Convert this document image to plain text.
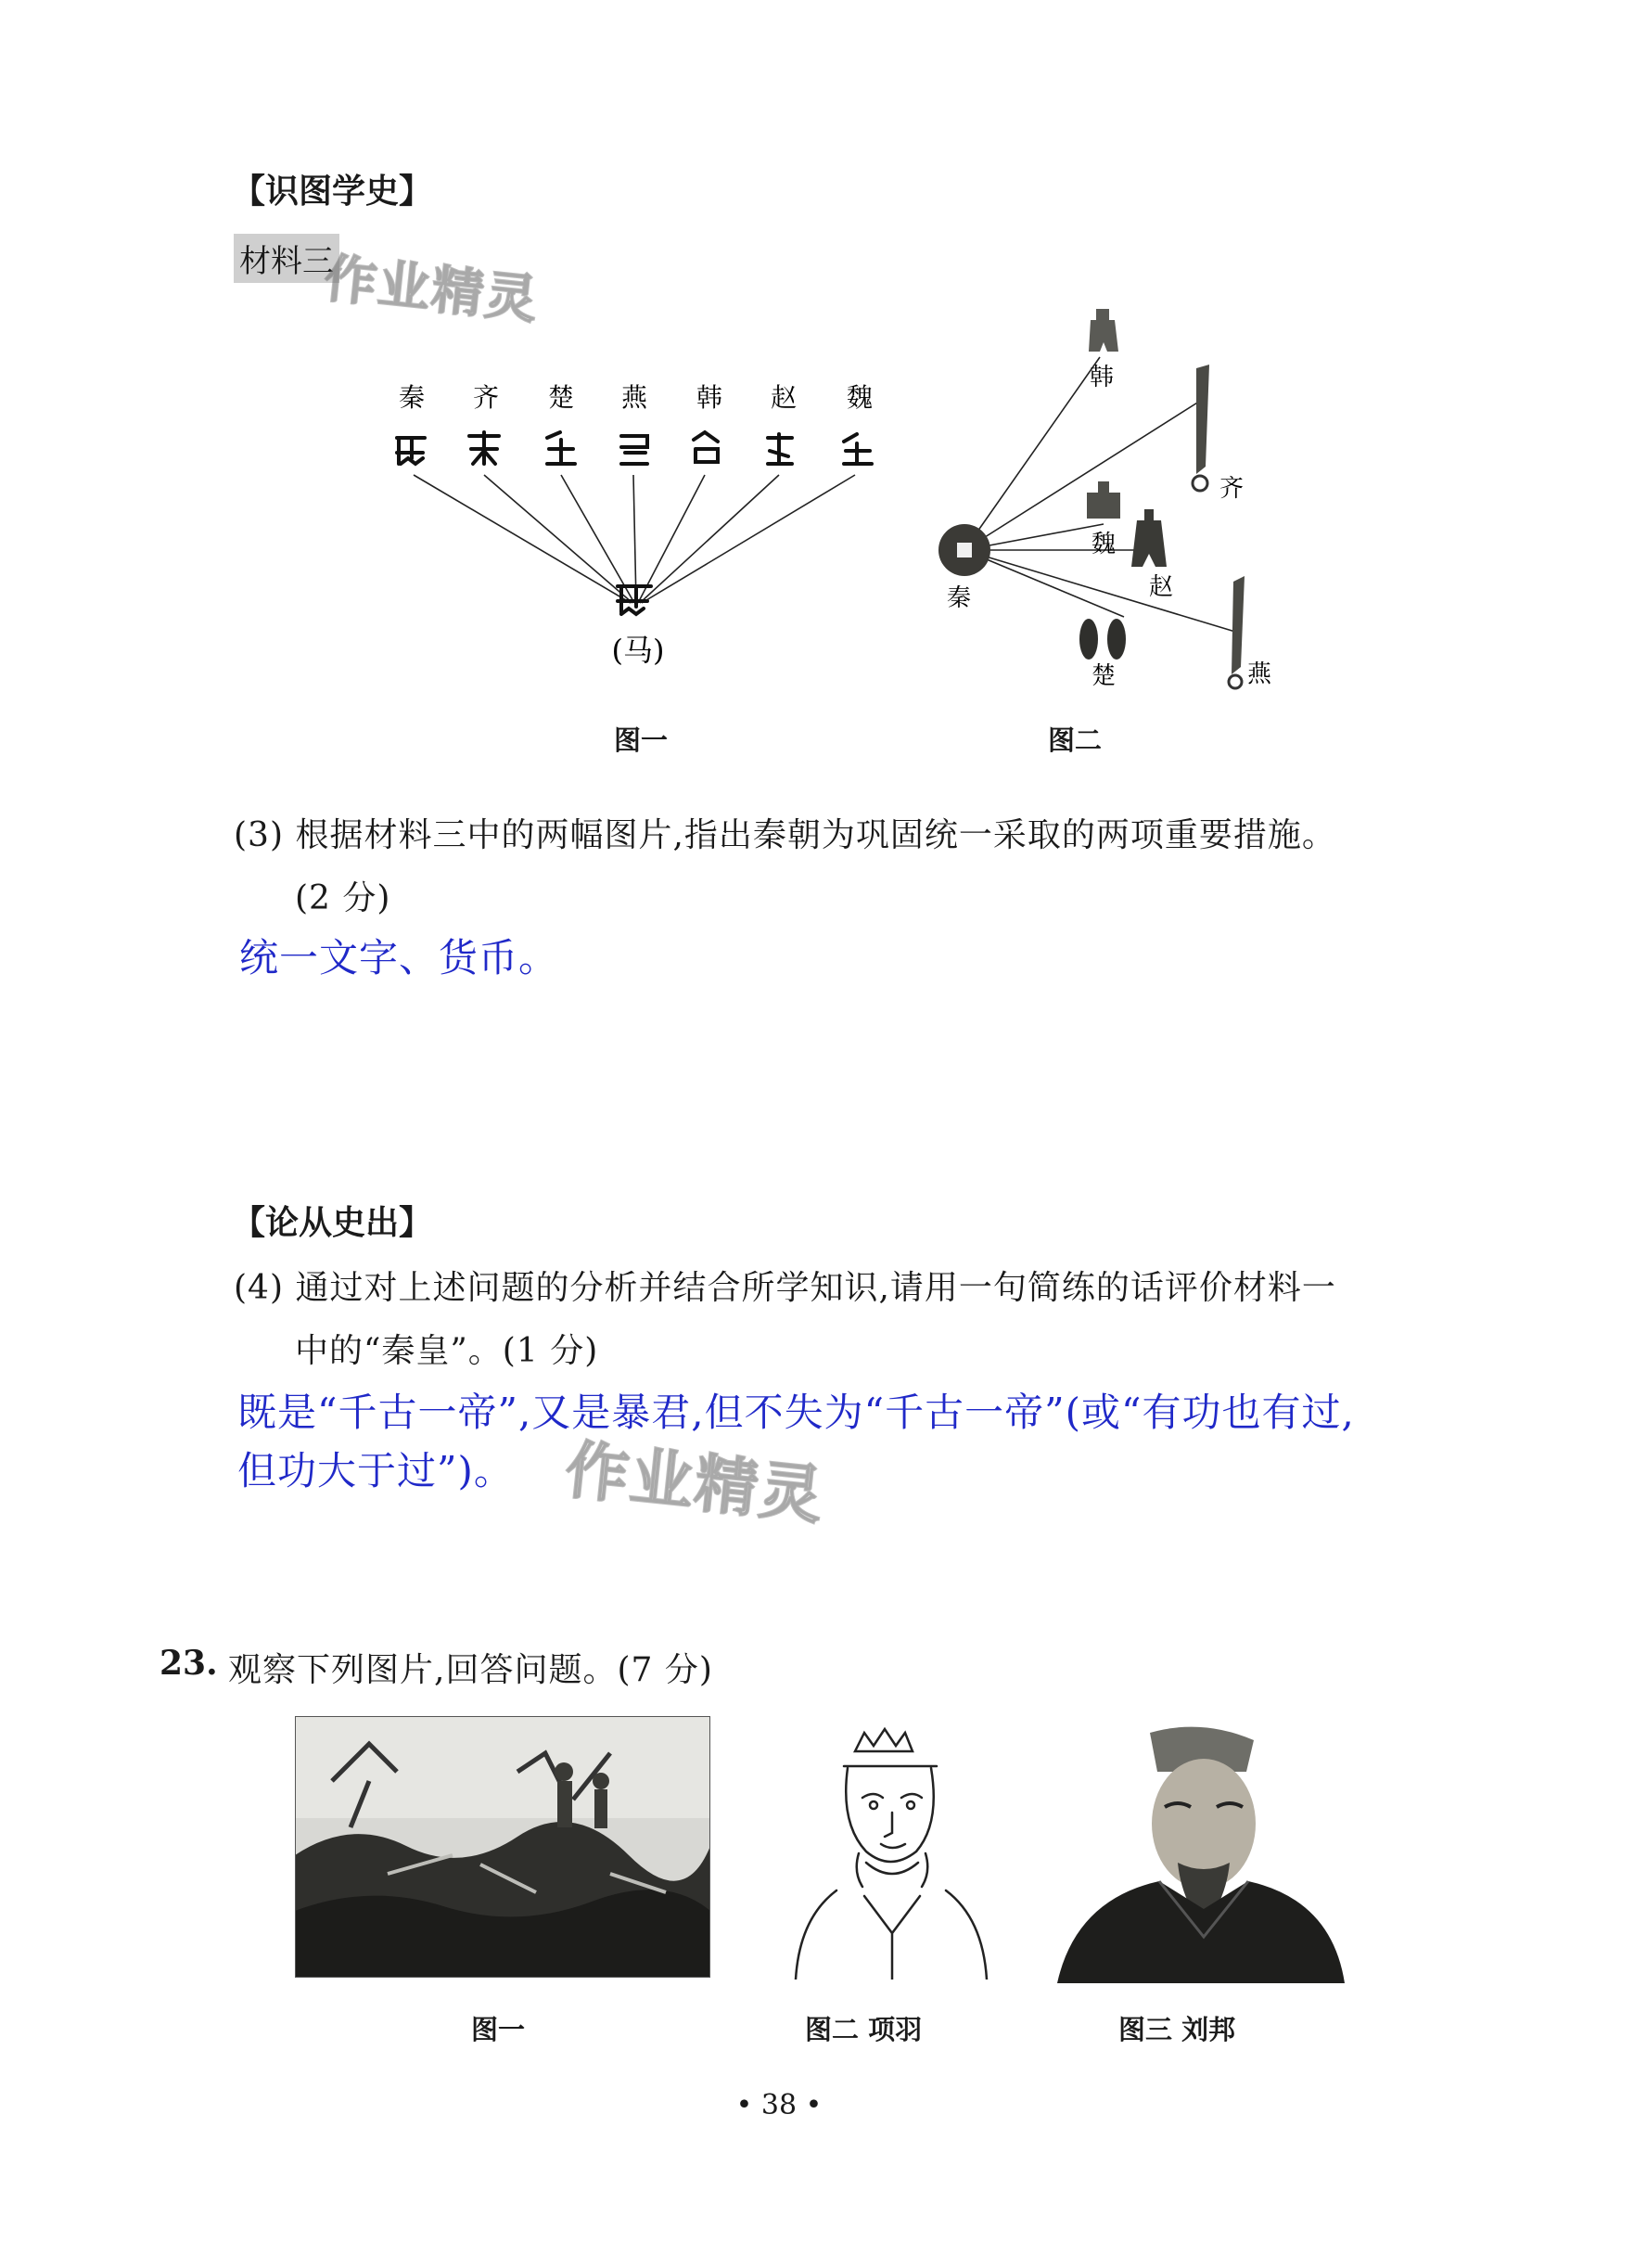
【识图学史】
材料三
作业精灵
秦 齐 楚 燕 韩 赵 魏
(马)
图一
秦
韩
齐
魏
赵
楚	燕
图二
(3) 根据材料三中的两幅图片,指出秦朝为巩固统一采取的两项重要措施。
(2 分)
统一文字、货币。
【论从史出】
(4) 通过对上述问题的分析并结合所学知识,请用一句简练的话评价材料一
中的“秦皇”。(1 分)
既是“千古一帝”,又是暴君,但不失为“千古一帝”(或“有功也有过,
但功大于过”)。 作业精灵
23. 观察下列图片,回答问题。(7 分)
图一	图二 项羽	图三 刘邦
• 38 •
